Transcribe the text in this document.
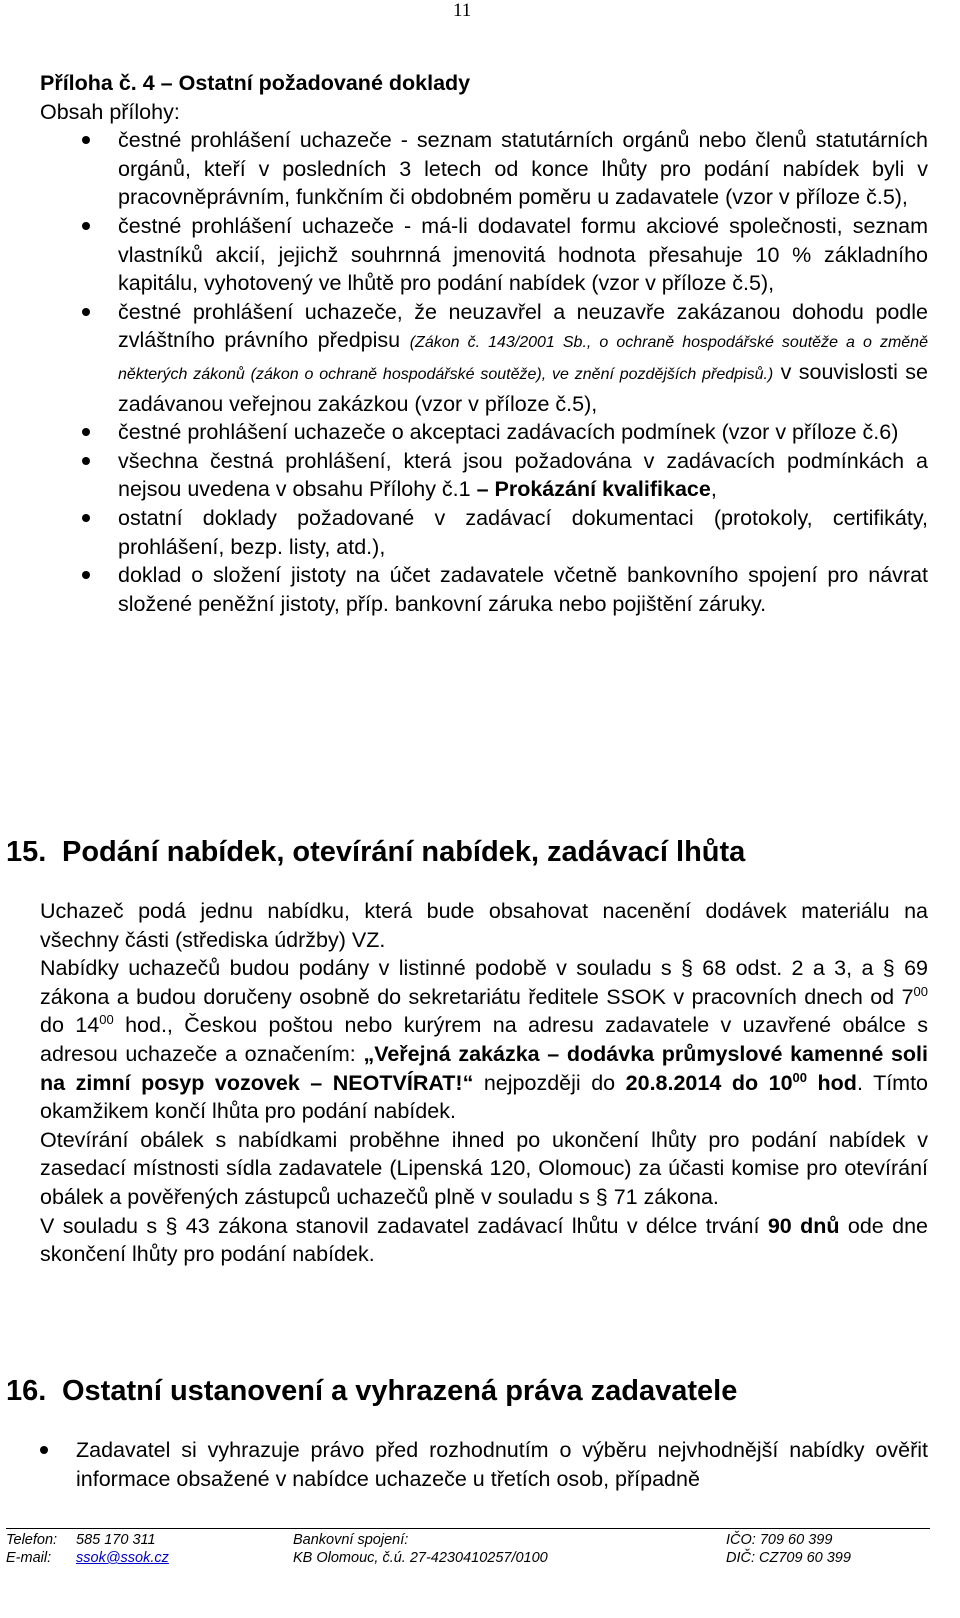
11

Příloha č. 4 – Ostatní požadované doklady

Obsah přílohy:

čestné prohlášení uchazeče - seznam statutárních orgánů nebo členů statutárních orgánů, kteří v posledních 3 letech od konce lhůty pro podání nabídek byli v pracovněprávním, funkčním či obdobném poměru u zadavatele (vzor v příloze č.5),
čestné prohlášení uchazeče - má-li dodavatel formu akciové společnosti, seznam vlastníků akcií, jejichž souhrnná jmenovitá hodnota přesahuje 10 % základního kapitálu, vyhotovený ve lhůtě pro podání nabídek (vzor v příloze č.5),
čestné prohlášení uchazeče, že neuzavřel a neuzavře zakázanou dohodu podle zvláštního právního předpisu (Zákon č. 143/2001 Sb., o ochraně hospodářské soutěže a o změně některých zákonů (zákon o ochraně hospodářské soutěže), ve znění pozdějších předpisů.) v souvislosti se zadávanou veřejnou zakázkou (vzor v příloze č.5),
čestné prohlášení uchazeče o akceptaci zadávacích podmínek (vzor v příloze č.6)
všechna čestná prohlášení, která jsou požadována v zadávacích podmínkách a nejsou uvedena v obsahu Přílohy č.1 – Prokázání kvalifikace,
ostatní doklady požadované v zadávací dokumentaci (protokoly, certifikáty, prohlášení, bezp. listy, atd.),
doklad o složení jistoty na účet zadavatele včetně bankovního spojení pro návrat složené peněžní jistoty, příp. bankovní záruka nebo pojištění záruky.
15. Podání nabídek, otevírání nabídek, zadávací lhůta

Uchazeč podá jednu nabídku, která bude obsahovat nacenění dodávek materiálu na všechny části (střediska údržby) VZ.

Nabídky uchazečů budou podány v listinné podobě v souladu s § 68 odst. 2 a 3, a § 69 zákona a budou doručeny osobně do sekretariátu ředitele SSOK v pracovních dnech od $7^{00}$ do $14^{00}$ hod., Českou poštou nebo kurýrem na adresu zadavatele v uzavřené obálce s adresou uchazeče a označením: „Veřejná zakázka – dodávka průmyslové kamenné soli na zimní posyp vozovek – NEOTVÍRAT!“ nejpozději do 20.8.2014 do $10^{00}$ hod. Tímto okamžikem končí lhůta pro podání nabídek.

Otevírání obálek s nabídkami proběhne ihned po ukončení lhůty pro podání nabídek v zasedací místnosti sídla zadavatele (Lipenská 120, Olomouc) za účasti komise pro otevírání obálek a pověřených zástupců uchazečů plně v souladu s § 71 zákona.

V souladu s § 43 zákona stanovil zadavatel zadávací lhůtu v délce trvání 90 dnů ode dne skončení lhůty pro podání nabídek.

16. Ostatní ustanovení a vyhrazená práva zadavatele
Zadavatel si vyhrazuje právo před rozhodnutím o výběru nejvhodnější nabídky ověřit informace obsažené v nabídce uchazeče u třetích osob, případně
Telefon:	585 170 311	Bankovní spojení:	IČO: 709 60 399
E-mail:	ssok@ssok.cz	KB Olomouc, č.ú. 27-4230410257/0100	DIČ: CZ709 60 399
